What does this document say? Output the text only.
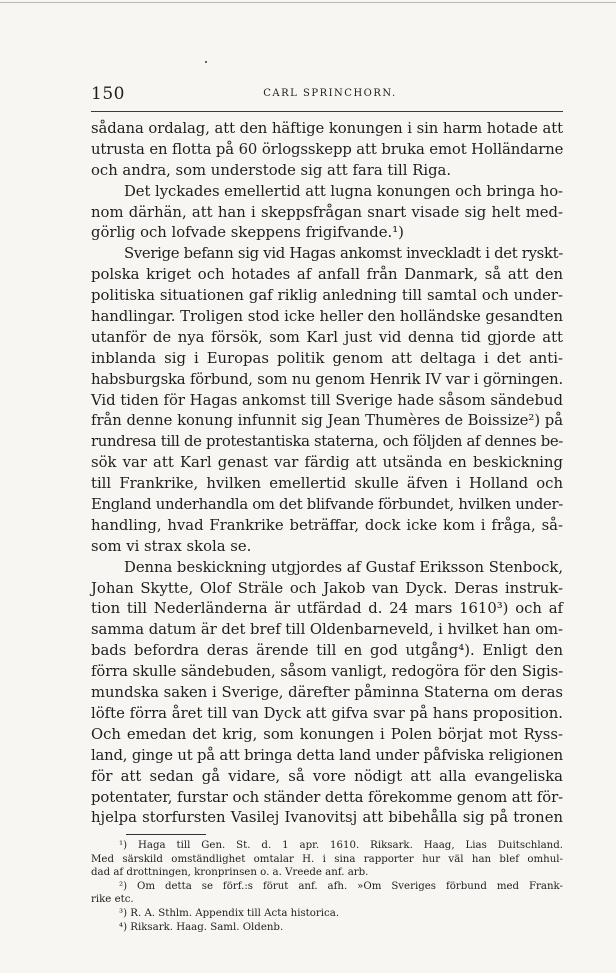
150	CARL SPRINCHORN.
sådana ordalag, att den häftige konungen i sin harm hotade att
utrusta en flotta på 60 örlogsskepp att bruka emot Holländarne
och andra, som understode sig att fara till Riga.
Det lyckades emellertid att lugna konungen och bringa ho-
nom därhän, att han i skeppsfrågan snart visade sig helt med-
görlig och lofvade skeppens frigifvande.¹)
Sverige befann sig vid Hagas ankomst inveckladt i det ryskt-
polska kriget och hotades af anfall från Danmark, så att den
politiska situationen gaf riklig anledning till samtal och under-
handlingar. Troligen stod icke heller den holländske gesandten
utanför de nya försök, som Karl just vid denna tid gjorde att
inblanda sig i Europas politik genom att deltaga i det anti-
habsburgska förbund, som nu genom Henrik IV var i görningen.
Vid tiden för Hagas ankomst till Sverige hade såsom sändebud
från denne konung infunnit sig Jean Thumères de Boissize²) på
rundresa till de protestantiska staterna, och följden af dennes be-
sök var att Karl genast var färdig att utsända en beskickning
till Frankrike, hvilken emellertid skulle äfven i Holland och
England underhandla om det blifvande förbundet, hvilken under-
handling, hvad Frankrike beträffar, dock icke kom i fråga, så-
som vi strax skola se.
Denna beskickning utgjordes af Gustaf Eriksson Stenbock,
Johan Skytte, Olof Sträle och Jakob van Dyck. Deras instruk-
tion till Nederländerna är utfärdad d. 24 mars 1610³) och af
samma datum är det bref till Oldenbarneveld, i hvilket han om-
bads befordra deras ärende till en god utgång⁴). Enligt den
förra skulle sändebuden, såsom vanligt, redogöra för den Sigis-
mundska saken i Sverige, därefter påminna Staterna om deras
löfte förra året till van Dyck att gifva svar på hans proposition.
Och emedan det krig, som konungen i Polen börjat mot Ryss-
land, ginge ut på att bringa detta land under påfviska religionen
för att sedan gå vidare, så vore nödigt att alla evangeliska
potentater, furstar och ständer detta förekomme genom att för-
hjelpa storfursten Vasilej Ivanovitsj att bibehålla sig på tronen
¹) Haga till Gen. St. d. 1 apr. 1610. Riksark. Haag, Lias Duitschland.
Med särskild omständlighet omtalar H. i sina rapporter hur väl han blef omhul-
dad af drottningen, kronprinsen o. a. Vreede anf. arb.
²) Om detta se förf.:s förut anf. afh. »Om Sveriges förbund med Frank-
rike etc.
³) R. A. Sthlm. Appendix till Acta historica.
⁴) Riksark. Haag. Saml. Oldenb.
